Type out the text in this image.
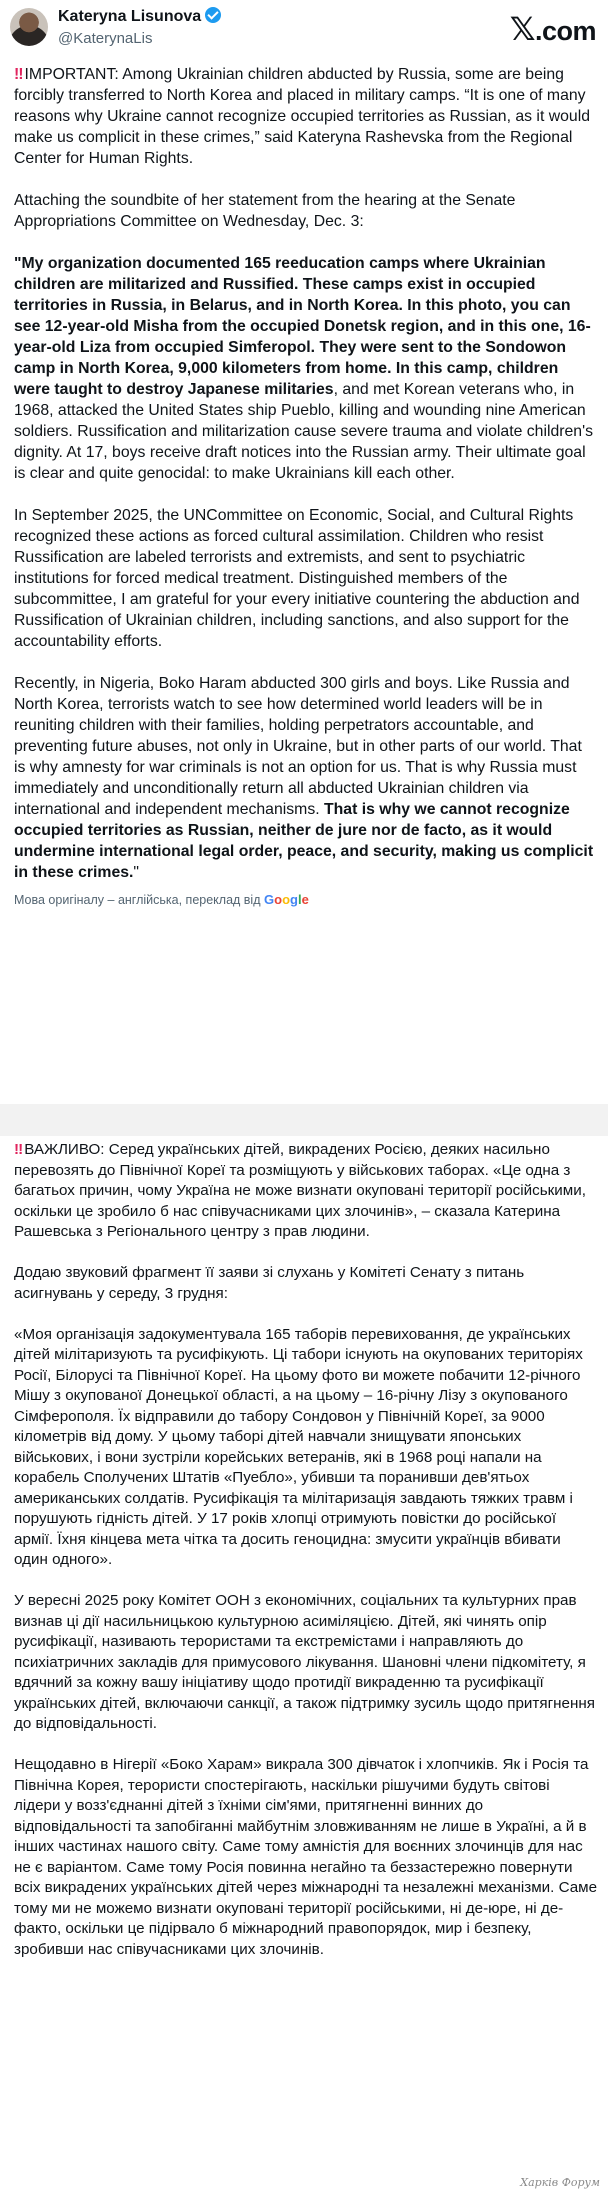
Kateryna Lisunova
@KaterynaLis	𝕏.com

‼ IMPORTANT: Among Ukrainian children abducted by Russia, some are being forcibly transferred to North Korea and placed in military camps. “It is one of many reasons why Ukraine cannot recognize occupied territories as Russian, as it would make us complicit in these crimes,” said Kateryna Rashevska from the Regional Center for Human Rights.

Attaching the soundbite of her statement from the hearing at the Senate Appropriations Committee on Wednesday, Dec. 3:

"My organization documented 165 reeducation camps where Ukrainian children are militarized and Russified. These camps exist in occupied territories in Russia, in Belarus, and in North Korea. In this photo, you can see 12-year-old Misha from the occupied Donetsk region, and in this one, 16-year-old Liza from occupied Simferopol. They were sent to the Sondowon camp in North Korea, 9,000 kilometers from home. In this camp, children were taught to destroy Japanese militaries, and met Korean veterans who, in 1968, attacked the United States ship Pueblo, killing and wounding nine American soldiers. Russification and militarization cause severe trauma and violate children's dignity. At 17, boys receive draft notices into the Russian army. Their ultimate goal is clear and quite genocidal: to make Ukrainians kill each other.

In September 2025, the UNCommittee on Economic, Social, and Cultural Rights recognized these actions as forced cultural assimilation. Children who resist Russification are labeled terrorists and extremists, and sent to psychiatric institutions for forced medical treatment. Distinguished members of the subcommittee, I am grateful for your every initiative countering the abduction and Russification of Ukrainian children, including sanctions, and also support for the accountability efforts.

Recently, in Nigeria, Boko Haram abducted 300 girls and boys. Like Russia and North Korea, terrorists watch to see how determined world leaders will be in reuniting children with their families, holding perpetrators accountable, and preventing future abuses, not only in Ukraine, but in other parts of our world. That is why amnesty for war criminals is not an option for us. That is why Russia must immediately and unconditionally return all abducted Ukrainian children via international and independent mechanisms. That is why we cannot recognize occupied territories as Russian, neither de jure nor de facto, as it would undermine international legal order, peace, and security, making us complicit in these crimes."

Мова оригіналу – англійська, переклад від Google

‼ ВАЖЛИВО: Серед українських дітей, викрадених Росією, деяких насильно перевозять до Північної Кореї та розміщують у військових таборах. «Це одна з багатьох причин, чому Україна не може визнати окуповані території російськими, оскільки це зробило б нас співучасниками цих злочинів», – сказала Катерина Рашевська з Регіонального центру з прав людини.

Додаю звуковий фрагмент її заяви зі слухань у Комітеті Сенату з питань асигнувань у середу, 3 грудня:

«Моя організація задокументувала 165 таборів перевиховання, де українських дітей мілітаризують та русифікують. Ці табори існують на окупованих територіях Росії, Білорусі та Північної Кореї. На цьому фото ви можете побачити 12-річного Мішу з окупованої Донецької області, а на цьому – 16-річну Лізу з окупованого Сімферополя. Їх відправили до табору Сондовон у Північній Кореї, за 9000 кілометрів від дому. У цьому таборі дітей навчали знищувати японських військових, і вони зустріли корейських ветеранів, які в 1968 році напали на корабель Сполучених Штатів «Пуебло», убивши та поранивши дев'ятьох американських солдатів. Русифікація та мілітаризація завдають тяжких травм і порушують гідність дітей. У 17 років хлопці отримують повістки до російської армії. Їхня кінцева мета чітка та досить геноцидна: змусити українців вбивати один одного».

У вересні 2025 року Комітет ООН з економічних, соціальних та культурних прав визнав ці дії насильницькою культурною асиміляцією. Дітей, які чинять опір русифікації, називають терористами та екстремістами і направляють до психіатричних закладів для примусового лікування. Шановні члени підкомітету, я вдячний за кожну вашу ініціативу щодо протидії викраденню та русифікації українських дітей, включаючи санкції, а також підтримку зусиль щодо притягнення до відповідальності.

Нещодавно в Нігерії «Боко Харам» викрала 300 дівчаток і хлопчиків. Як і Росія та Північна Корея, терористи спостерігають, наскільки рішучими будуть світові лідери у возз'єднанні дітей з їхніми сім'ями, притягненні винних до відповідальності та запобіганні майбутнім зловживанням не лише в Україні, а й в інших частинах нашого світу. Саме тому амністія для воєнних злочинців для нас не є варіантом. Саме тому Росія повинна негайно та беззастережно повернути всіх викрадених українських дітей через міжнародні та незалежні механізми. Саме тому ми не можемо визнати окуповані території російськими, ні де-юре, ні де-факто, оскільки це підірвало б міжнародний правопорядок, мир і безпеку, зробивши нас співучасниками цих злочинів.

Харків Форум
